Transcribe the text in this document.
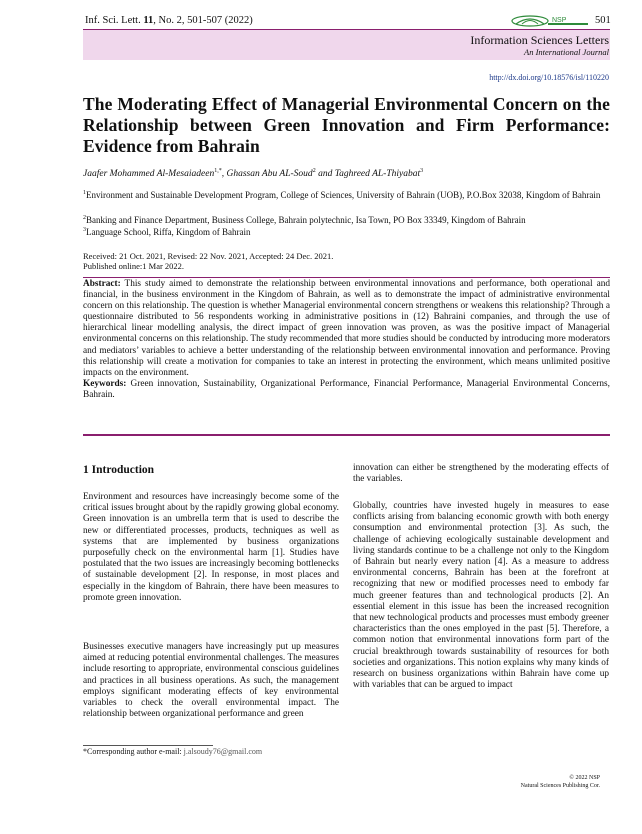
Inf. Sci. Lett. 11, No. 2, 501-507 (2022)	NSP	501
Information Sciences Letters
An International Journal
http://dx.doi.org/10.18576/isl/110220
The Moderating Effect of Managerial Environmental Concern on the Relationship between Green Innovation and Firm Performance: Evidence from Bahrain
Jaafer Mohammed Al-Mesaiadeen$^{1,*}$, Ghassan Abu AL-Soud$^2$ and Taghreed AL-Thiyabat$^3$
$^1$Environment and Sustainable Development Program, College of Sciences, University of Bahrain (UOB), P.O.Box 32038, Kingdom of Bahrain
$^2$Banking and Finance Department, Business College, Bahrain polytechnic, Isa Town, PO Box 33349, Kingdom of Bahrain
$^3$Language School, Riffa, Kingdom of Bahrain
Received: 21 Oct. 2021, Revised: 22 Nov. 2021, Accepted: 24 Dec. 2021.
Published online:1 Mar 2022.
Abstract: This study aimed to demonstrate the relationship between environmental innovations and performance, both operational and financial, in the business environment in the Kingdom of Bahrain, as well as to demonstrate the impact of administrative environmental concern on this relationship. The question is whether Managerial environmental concern strengthens or weakens this relationship? Through a questionnaire distributed to 56 respondents working in administrative positions in (12) Bahraini companies, and through the use of hierarchical linear modelling analysis, the direct impact of green innovation was proven, as was the positive impact of Managerial environmental concerns on this relationship. The study recommended that more studies should be conducted by introducing more moderators and mediators’ variables to achieve a better understanding of the relationship between environmental innovation and performance. Proving this relationship will create a motivation for companies to take an interest in protecting the environment, which means unlimited positive impacts on the environment.
Keywords: Green innovation, Sustainability, Organizational Performance, Financial Performance, Managerial Environmental Concerns, Bahrain.
1 Introduction

Environment and resources have increasingly become some of the critical issues brought about by the rapidly growing global economy. Green innovation is an umbrella term that is used to describe the new or differentiated processes, products, techniques as well as systems that are implemented by business organizations purposefully check on the environmental harm [1]. Studies have postulated that the two issues are increasingly becoming bottlenecks of sustainable development [2]. In response, in most places and especially in the kingdom of Bahrain, there have been measures to promote green innovation.

Businesses executive managers have increasingly put up measures aimed at reducing potential environmental challenges. The measures include resorting to appropriate, environmental conscious guidelines and practices in all business operations. As such, the management employs significant moderating effects of key environmental variables to check the overall environmental impact. The relationship between organizational performance and green

innovation can either be strengthened by the moderating effects of the variables.

Globally, countries have invested hugely in measures to ease conflicts arising from balancing economic growth with both energy consumption and environmental protection [3]. As such, the challenge of achieving ecologically sustainable development and living standards continue to be a challenge not only to the Kingdom of Bahrain but nearly every nation [4]. As a measure to address environmental concerns, Bahrain has been at the forefront at recognizing that new or modified processes need to embody far much greener features than and technological products [2]. An essential element in this issue has been the increased recognition that new technological products and processes must embody greener characteristics than the ones employed in the past [5]. Therefore, a common notion that environmental innovations form part of the crucial breakthrough towards sustainability of resources for both societies and organizations. This notion explains why many kinds of research on business organizations within Bahrain have come up with variables that can be argued to impact

*Corresponding author e-mail: j.alsoudy76@gmail.com
© 2022 NSP
Natural Sciences Publishing Cor.
